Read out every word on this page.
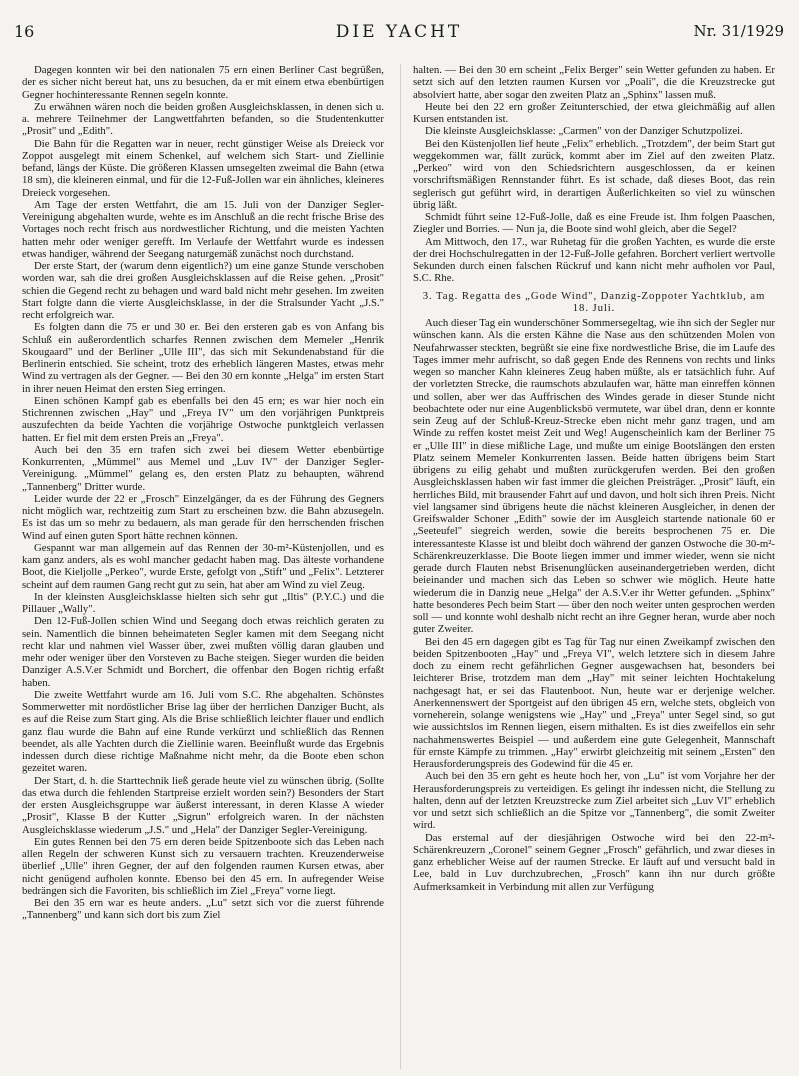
16	DIE YACHT	Nr. 31/1929

Dagegen konnten wir bei den nationalen 75 ern einen Berliner Cast begrüßen, der es sicher nicht bereut hat, uns zu besuchen, da er mit einem etwa ebenbürtigen Gegner hochinteressante Rennen segeln konnte.

Zu erwähnen wären noch die beiden großen Ausgleichsklassen, in denen sich u. a. mehrere Teilnehmer der Langwettfahrten befanden, so die Studentenkutter „Prosit" und „Edith".

Die Bahn für die Regatten war in neuer, recht günstiger Weise als Dreieck vor Zoppot ausgelegt mit einem Schenkel, auf welchem sich Start- und Ziellinie befand, längs der Küste. Die größeren Klassen umsegelten zweimal die Bahn (etwa 18 sm), die kleineren einmal, und für die 12-Fuß-Jollen war ein ähnliches, kleineres Dreieck vorgesehen.

Am Tage der ersten Wettfahrt, die am 15. Juli von der Danziger Segler-Vereinigung abgehalten wurde, wehte es im Anschluß an die recht frische Brise des Vortages noch recht frisch aus nordwestlicher Richtung, und die meisten Yachten hatten mehr oder weniger gerefft. Im Verlaufe der Wettfahrt wurde es indessen etwas handiger, während der Seegang naturgemäß zunächst noch durchstand.

Der erste Start, der (warum denn eigentlich?) um eine ganze Stunde verschoben worden war, sah die drei großen Ausgleichsklassen auf die Reise gehen. „Prosit" schien die Gegend recht zu behagen und ward bald nicht mehr gesehen. Im zweiten Start folgte dann die vierte Ausgleichsklasse, in der die Stralsunder Yacht „J.S." recht erfolgreich war.

Es folgten dann die 75 er und 30 er. Bei den ersteren gab es von Anfang bis Schluß ein außerordentlich scharfes Rennen zwischen dem Memeler „Henrik Skougaard" und der Berliner „Ulle III", das sich mit Sekundenabstand für die Berlinerin entschied. Sie scheint, trotz des erheblich längeren Mastes, etwas mehr Wind zu vertragen als der Gegner. — Bei den 30 ern konnte „Helga" im ersten Start in ihrer neuen Heimat den ersten Sieg erringen.

Einen schönen Kampf gab es ebenfalls bei den 45 ern; es war hier noch ein Stichrennen zwischen „Hay" und „Freya IV" um den vorjährigen Punktpreis auszufechten da beide Yachten die vorjährige Ostwoche punktgleich verlassen hatten. Er fiel mit dem ersten Preis an „Freya".

Auch bei den 35 ern trafen sich zwei bei diesem Wetter ebenbürtige Konkurrenten, „Mümmel" aus Memel und „Luv IV" der Danziger Segler-Vereinigung. „Mümmel" gelang es, den ersten Platz zu behaupten, während „Tannenberg" Dritter wurde.

Leider wurde der 22 er „Frosch" Einzelgänger, da es der Führung des Gegners nicht möglich war, rechtzeitig zum Start zu erscheinen bzw. die Bahn abzusegeln. Es ist das um so mehr zu bedauern, als man gerade für den herrschenden frischen Wind auf einen guten Sport hätte rechnen können.

Gespannt war man allgemein auf das Rennen der 30-m²-Küstenjollen, und es kam ganz anders, als es wohl mancher gedacht haben mag. Das älteste vorhandene Boot, die Kieljolle „Perkeo", wurde Erste, gefolgt von „Stift" und „Felix". Letzterer scheint auf dem raumen Gang recht gut zu sein, hat aber am Wind zu viel Zeug.

In der kleinsten Ausgleichsklasse hielten sich sehr gut „Iltis" (P.Y.C.) und die Pillauer „Wally".

Den 12-Fuß-Jollen schien Wind und Seegang doch etwas reichlich geraten zu sein. Namentlich die binnen beheimateten Segler kamen mit dem Seegang nicht recht klar und nahmen viel Wasser über, zwei mußten völlig daran glauben und mehr oder weniger über den Vorsteven zu Bache steigen. Sieger wurden die beiden Danziger A.S.V.er Schmidt und Borchert, die offenbar den Bogen richtig erfaßt haben.

Die zweite Wettfahrt wurde am 16. Juli vom S.C. Rhe abgehalten. Schönstes Sommerwetter mit nordöstlicher Brise lag über der herrlichen Danziger Bucht, als es auf die Reise zum Start ging. Als die Brise schließlich leichter flauer und endlich ganz flau wurde die Bahn auf eine Runde verkürzt und schließlich das Rennen beendet, als alle Yachten durch die Ziellinie waren. Beeinflußt wurde das Ergebnis indessen durch diese richtige Maßnahme nicht mehr, da die Boote eben schon gezeitet waren.

Der Start, d. h. die Starttechnik ließ gerade heute viel zu wünschen übrig. (Sollte das etwa durch die fehlenden Startpreise erzielt worden sein?) Besonders der Start der ersten Ausgleichsgruppe war äußerst interessant, in deren Klasse A wieder „Prosit", Klasse B der Kutter „Sigrun" erfolgreich waren. In der nächsten Ausgleichsklasse wiederum „J.S." und „Hela" der Danziger Segler-Vereinigung.

Ein gutes Rennen bei den 75 ern deren beide Spitzenboote sich das Leben nach allen Regeln der schweren Kunst sich zu versauern trachten. Kreuzenderweise überlief „Ulle" ihren Gegner, der auf den folgenden raumen Kursen etwas, aber nicht genügend aufholen konnte. Ebenso bei den 45 ern. In aufregender Weise bedrängen sich die Favoriten, bis schließlich im Ziel „Freya" vorne liegt.

Bei den 35 ern war es heute anders. „Lu" setzt sich vor die zuerst führende „Tannenberg" und kann sich dort bis zum Ziel

halten. — Bei den 30 ern scheint „Felix Berger" sein Wetter gefunden zu haben. Er setzt sich auf den letzten raumen Kursen vor „Poali", die die Kreuzstrecke gut absolviert hatte, aber sogar den zweiten Platz an „Sphinx" lassen muß.

Heute bei den 22 ern großer Zeitunterschied, der etwa gleichmäßig auf allen Kursen entstanden ist.

Die kleinste Ausgleichsklasse: „Carmen" von der Danziger Schutzpolizei.

Bei den Küstenjollen lief heute „Felix" erheblich. „Trotzdem", der beim Start gut weggekommen war, fällt zurück, kommt aber im Ziel auf den zweiten Platz. „Perkeo" wird von den Schiedsrichtern ausgeschlossen, da er keinen vorschriftsmäßigen Rennstander führt. Es ist schade, daß dieses Boot, das rein seglerisch gut geführt wird, in derartigen Äußerlichkeiten so viel zu wünschen übrig läßt.

Schmidt führt seine 12-Fuß-Jolle, daß es eine Freude ist. Ihm folgen Paaschen, Ziegler und Borries. — Nun ja, die Boote sind wohl gleich, aber die Segel?

Am Mittwoch, den 17., war Ruhetag für die großen Yachten, es wurde die erste der drei Hochschulregatten in der 12-Fuß-Jolle gefahren. Borchert verliert wertvolle Sekunden durch einen falschen Rückruf und kann nicht mehr aufholen vor Paul, S.C. Rhe.

3. Tag. Regatta des „Gode Wind", Danzig-Zoppoter Yachtklub, am 18. Juli.

Auch dieser Tag ein wunderschöner Sommersegeltag, wie ihn sich der Segler nur wünschen kann. Als die ersten Kähne die Nase aus den schützenden Molen von Neufahrwasser steckten, begrüßt sie eine fixe nordwestliche Brise, die im Laufe des Tages immer mehr aufrischt, so daß gegen Ende des Rennens von rechts und links wegen so mancher Kahn kleineres Zeug haben müßte, als er tatsächlich fuhr. Auf der vorletzten Strecke, die raumschots abzulaufen war, hätte man einreffen können und sollen, aber wer das Auffrischen des Windes gerade in dieser Stunde nicht beobachtete oder nur eine Augenblicksbö vermutete, war übel dran, denn er konnte sein Zeug auf der Schluß-Kreuz-Strecke eben nicht mehr ganz tragen, und am Winde zu reffen kostet meist Zeit und Weg! Augenscheinlich kam der Berliner 75 er „Ulle III" in diese mißliche Lage, und mußte um einige Bootslängen den ersten Platz seinem Memeler Konkurrenten lassen. Beide hatten übrigens beim Start übrigens zu eilig gehabt und mußten zurückgerufen werden. Bei den großen Ausgleichsklassen haben wir fast immer die gleichen Preisträger. „Prosit" läuft, ein herrliches Bild, mit brausender Fahrt auf und davon, und holt sich ihren Preis. Nicht viel langsamer sind übrigens heute die nächst kleineren Ausgleicher, in denen der Greifswalder Schoner „Edith" sowie der im Ausgleich startende nationale 60 er „Seeteufel" siegreich werden, sowie die bereits besprochenen 75 er. Die interessanteste Klasse ist und bleibt doch während der ganzen Ostwoche die 30-m²-Schärenkreuzerklasse. Die Boote liegen immer und immer wieder, wenn sie nicht gerade durch Flauten nebst Brisenunglücken auseinandergetrieben werden, dicht beieinander und machen sich das Leben so schwer wie möglich. Heute hatte wiederum die in Danzig neue „Helga" der A.S.V.er ihr Wetter gefunden. „Sphinx" hatte besonderes Pech beim Start — über den noch weiter unten gesprochen werden soll — und konnte wohl deshalb nicht recht an ihre Gegner heran, wurde aber noch guter Zweiter.

Bei den 45 ern dagegen gibt es Tag für Tag nur einen Zweikampf zwischen den beiden Spitzenbooten „Hay" und „Freya VI", welch letztere sich in diesem Jahre doch zu einem recht gefährlichen Gegner ausgewachsen hat, besonders bei leichterer Brise, trotzdem man dem „Hay" mit seiner leichten Hochtakelung nachgesagt hat, er sei das Flautenboot. Nun, heute war er derjenige welcher. Anerkennenswert der Sportgeist auf den übrigen 45 ern, welche stets, obgleich von vorneherein, solange wenigstens wie „Hay" und „Freya" unter Segel sind, so gut wie aussichtslos im Rennen liegen, eisern mithalten. Es ist dies zweifellos ein sehr nachahmenswertes Beispiel — und außerdem eine gute Gelegenheit, Mannschaft für ernste Kämpfe zu trimmen. „Hay" erwirbt gleichzeitig mit seinem „Ersten" den Herausforderungspreis des Godewind für die 45 er.

Auch bei den 35 ern geht es heute hoch her, von „Lu" ist vom Vorjahre her der Herausforderungspreis zu verteidigen. Es gelingt ihr indessen nicht, die Stellung zu halten, denn auf der letzten Kreuzstrecke zum Ziel arbeitet sich „Luv VI" erheblich vor und setzt sich schließlich an die Spitze vor „Tannenberg", die somit Zweiter wird.

Das erstemal auf der diesjährigen Ostwoche wird bei den 22-m²-Schärenkreuzern „Coronel" seinem Gegner „Frosch" gefährlich, und zwar dieses in ganz erheblicher Weise auf der raumen Strecke. Er läuft auf und versucht bald in Lee, bald in Luv durchzubrechen, „Frosch" kann ihn nur durch größte Aufmerksamkeit in Verbindung mit allen zur Verfügung
